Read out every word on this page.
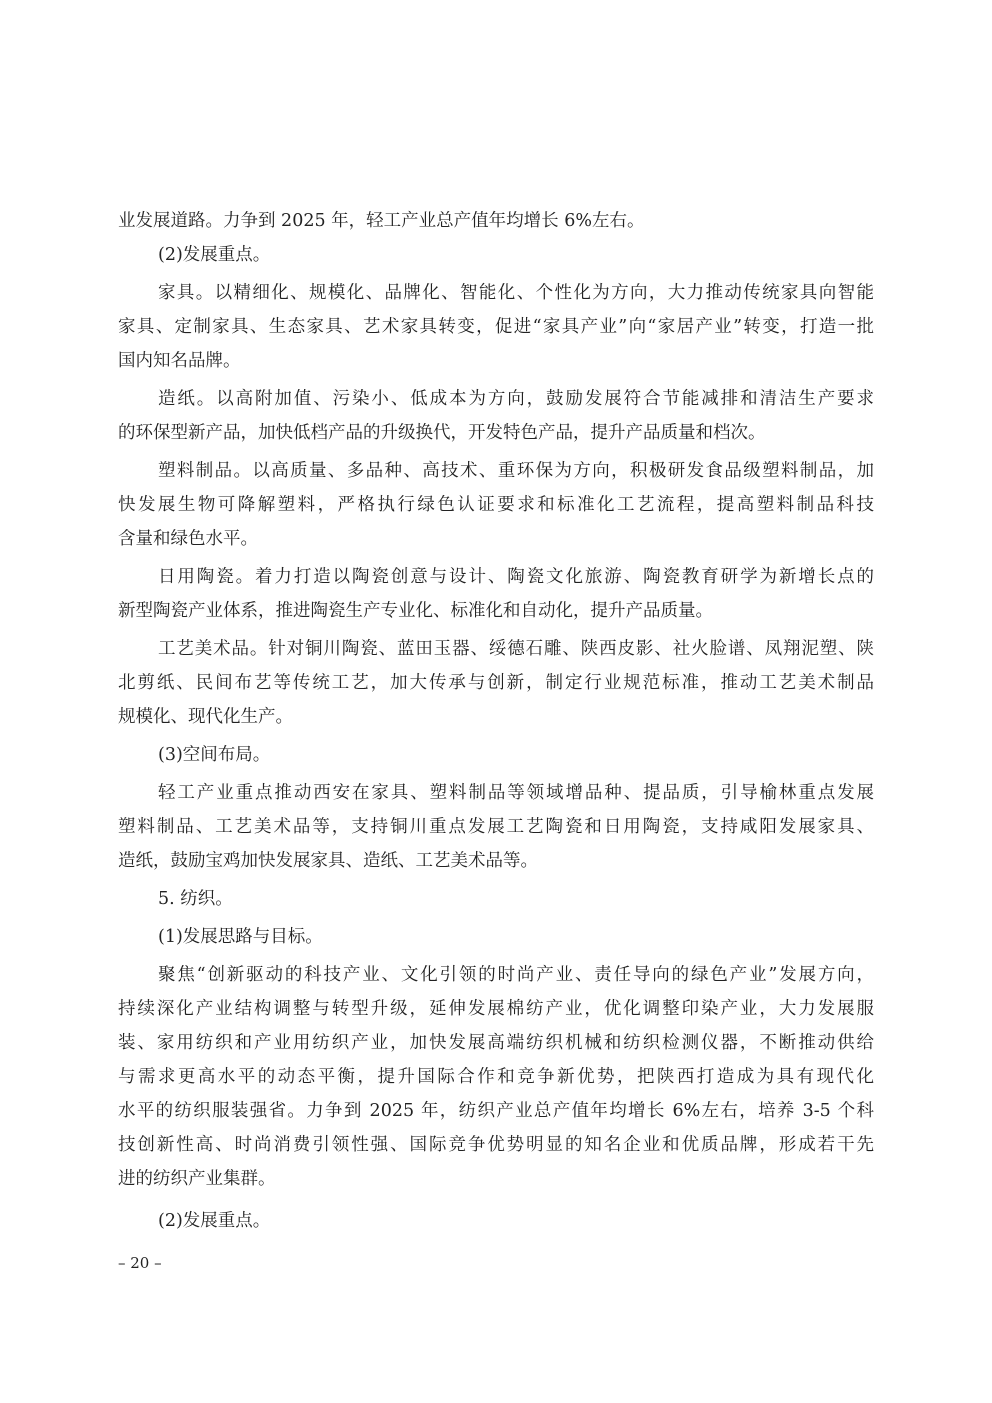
业发展道路。力争到 2025 年，轻工产业总产值年均增长 6%左右。
(2)发展重点。
家具。以精细化、规模化、品牌化、智能化、个性化为方向，大力推动传统家具向智能
家具、定制家具、生态家具、艺术家具转变，促进“家具产业”向“家居产业”转变，打造一批
国内知名品牌。
造纸。以高附加值、污染小、低成本为方向，鼓励发展符合节能减排和清洁生产要求
的环保型新产品，加快低档产品的升级换代，开发特色产品，提升产品质量和档次。
塑料制品。以高质量、多品种、高技术、重环保为方向，积极研发食品级塑料制品，加
快发展生物可降解塑料，严格执行绿色认证要求和标准化工艺流程，提高塑料制品科技
含量和绿色水平。
日用陶瓷。着力打造以陶瓷创意与设计、陶瓷文化旅游、陶瓷教育研学为新增长点的
新型陶瓷产业体系，推进陶瓷生产专业化、标准化和自动化，提升产品质量。
工艺美术品。针对铜川陶瓷、蓝田玉器、绥德石雕、陕西皮影、社火脸谱、凤翔泥塑、陕
北剪纸、民间布艺等传统工艺，加大传承与创新，制定行业规范标准，推动工艺美术制品
规模化、现代化生产。
(3)空间布局。
轻工产业重点推动西安在家具、塑料制品等领域增品种、提品质，引导榆林重点发展
塑料制品、工艺美术品等，支持铜川重点发展工艺陶瓷和日用陶瓷，支持咸阳发展家具、
造纸，鼓励宝鸡加快发展家具、造纸、工艺美术品等。
5. 纺织。
(1)发展思路与目标。
聚焦“创新驱动的科技产业、文化引领的时尚产业、责任导向的绿色产业”发展方向，
持续深化产业结构调整与转型升级，延伸发展棉纺产业，优化调整印染产业，大力发展服
装、家用纺织和产业用纺织产业，加快发展高端纺织机械和纺织检测仪器，不断推动供给
与需求更高水平的动态平衡，提升国际合作和竞争新优势，把陕西打造成为具有现代化
水平的纺织服装强省。力争到 2025 年，纺织产业总产值年均增长 6%左右，培养 3-5 个科
技创新性高、时尚消费引领性强、国际竞争优势明显的知名企业和优质品牌，形成若干先
进的纺织产业集群。
(2)发展重点。
– 20 –
